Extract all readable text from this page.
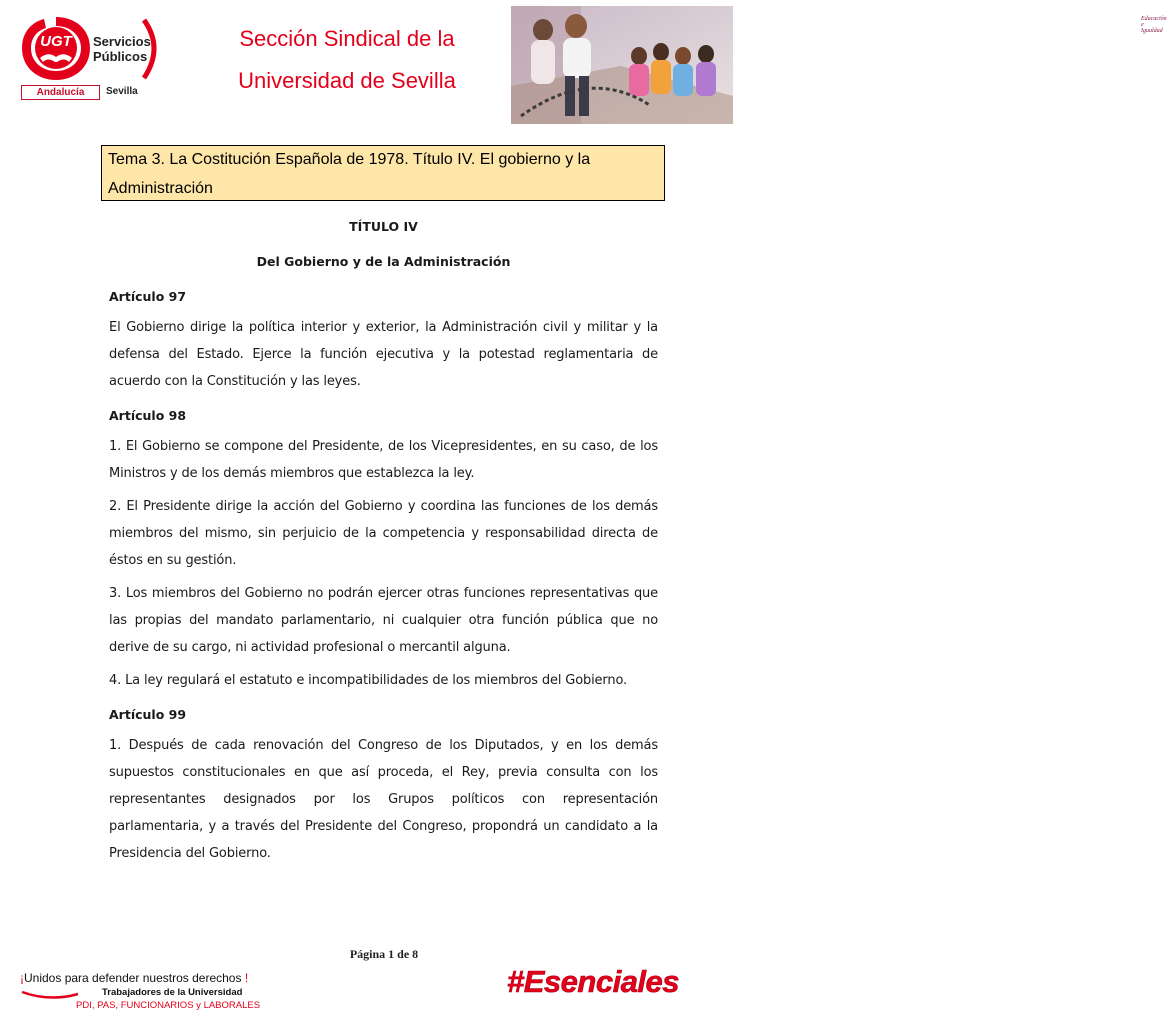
UGT Servicios
Públicos
Andalucía	Sevilla
Sección Sindical de la
Universidad de Sevilla
Educación e Igualdad
Tema 3. La Costitución Española de 1978. Título IV. El gobierno y la Administración

TÍTULO IV

Del Gobierno y de la Administración

Artículo 97

El Gobierno dirige la política interior y exterior, la Administración civil y militar y la defensa del Estado. Ejerce la función ejecutiva y la potestad reglamentaria de acuerdo con la Constitución y las leyes.

Artículo 98

1. El Gobierno se compone del Presidente, de los Vicepresidentes, en su caso, de los Ministros y de los demás miembros que establezca la ley.

2. El Presidente dirige la acción del Gobierno y coordina las funciones de los demás miembros del mismo, sin perjuicio de la competencia y responsabilidad directa de éstos en su gestión.

3. Los miembros del Gobierno no podrán ejercer otras funciones representativas que las propias del mandato parlamentario, ni cualquier otra función pública que no derive de su cargo, ni actividad profesional o mercantil alguna.

4. La ley regulará el estatuto e incompatibilidades de los miembros del Gobierno.

Artículo 99

1. Después de cada renovación del Congreso de los Diputados, y en los demás supuestos constitucionales en que así proceda, el Rey, previa consulta con los representantes designados por los Grupos políticos con representación parlamentaria, y a través del Presidente del Congreso, propondrá un candidato a la Presidencia del Gobierno.

Página 1 de 8
¡Unidos para defender nuestros derechos !
Trabajadores de la Universidad
PDI, PAS, FUNCIONARIOS y LABORALES
#Esenciales
